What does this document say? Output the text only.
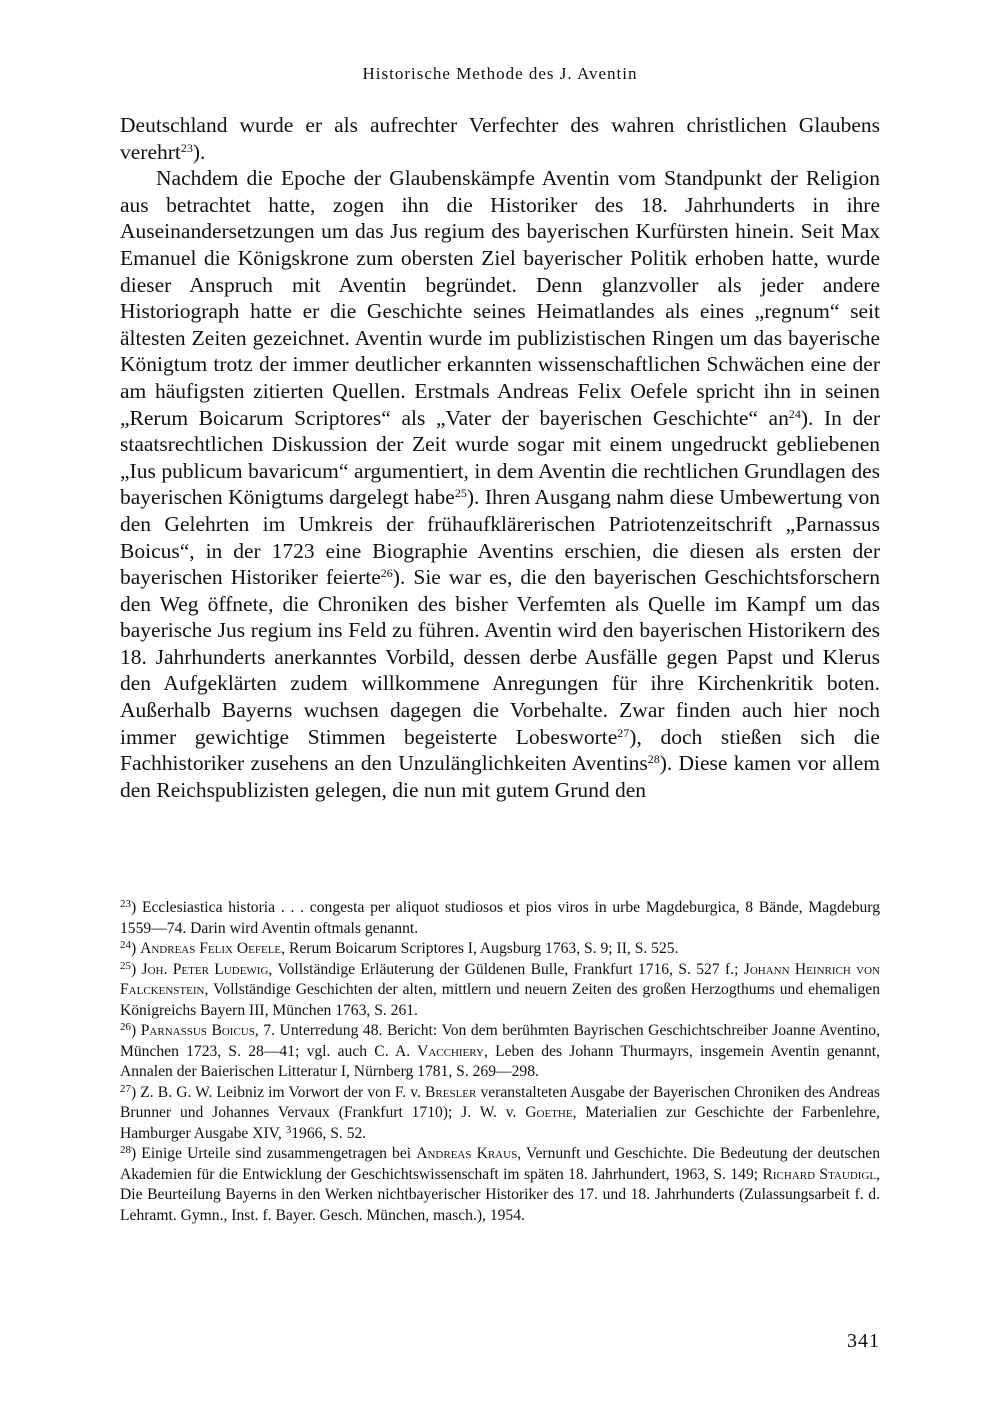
Historische Methode des J. Aventin

Deutschland wurde er als aufrechter Verfechter des wahren christlichen Glaubens verehrt$^{23}$).

Nachdem die Epoche der Glaubenskämpfe Aventin vom Standpunkt der Religion aus betrachtet hatte, zogen ihn die Historiker des 18. Jahrhunderts in ihre Auseinandersetzungen um das Jus regium des bayerischen Kurfürsten hinein. Seit Max Emanuel die Königskrone zum obersten Ziel bayerischer Politik erhoben hatte, wurde dieser Anspruch mit Aventin begründet. Denn glanzvoller als jeder andere Historiograph hatte er die Geschichte seines Heimatlandes als eines „regnum“ seit ältesten Zeiten gezeichnet. Aventin wurde im publizistischen Ringen um das bayerische Königtum trotz der immer deutlicher erkannten wissenschaftlichen Schwächen eine der am häufigsten zitierten Quellen. Erstmals Andreas Felix Oefele spricht ihn in seinen „Rerum Boicarum Scriptores“ als „Vater der bayerischen Geschichte“ an$^{24}$). In der staatsrechtlichen Diskussion der Zeit wurde sogar mit einem ungedruckt gebliebenen „Ius publicum bavaricum“ argumentiert, in dem Aventin die rechtlichen Grundlagen des bayerischen Königtums dargelegt habe$^{25}$). Ihren Ausgang nahm diese Umbewertung von den Gelehrten im Umkreis der frühaufklärerischen Patriotenzeitschrift „Parnassus Boicus“, in der 1723 eine Biographie Aventins erschien, die diesen als ersten der bayerischen Historiker feierte$^{26}$). Sie war es, die den bayerischen Geschichtsforschern den Weg öffnete, die Chroniken des bisher Verfemten als Quelle im Kampf um das bayerische Jus regium ins Feld zu führen. Aventin wird den bayerischen Historikern des 18. Jahrhunderts anerkanntes Vorbild, dessen derbe Ausfälle gegen Papst und Klerus den Aufgeklärten zudem willkommene Anregungen für ihre Kirchenkritik boten. Außerhalb Bayerns wuchsen dagegen die Vorbehalte. Zwar finden auch hier noch immer gewichtige Stimmen begeisterte Lobesworte$^{27}$), doch stießen sich die Fachhistoriker zusehens an den Unzulänglichkeiten Aventins$^{28}$). Diese kamen vor allem den Reichspublizisten gelegen, die nun mit gutem Grund den

$^{23}$) Ecclesiastica historia . . . congesta per aliquot studiosos et pios viros in urbe Magdeburgica, 8 Bände, Magdeburg 1559—74. Darin wird Aventin oftmals genannt.

$^{24}$) Andreas Felix Oefele, Rerum Boicarum Scriptores I, Augsburg 1763, S. 9; II, S. 525.

$^{25}$) Joh. Peter Ludewig, Vollständige Erläuterung der Güldenen Bulle, Frankfurt 1716, S. 527 f.; Johann Heinrich von Falckenstein, Vollständige Geschichten der alten, mittlern und neuern Zeiten des großen Herzogthums und ehemaligen Königreichs Bayern III, München 1763, S. 261.

$^{26}$) Parnassus Boicus, 7. Unterredung 48. Bericht: Von dem berühmten Bayrischen Geschichtschreiber Joanne Aventino, München 1723, S. 28—41; vgl. auch C. A. Vacchiery, Leben des Johann Thurmayrs, insgemein Aventin genannt, Annalen der Baierischen Litteratur I, Nürnberg 1781, S. 269—298.

$^{27}$) Z. B. G. W. Leibniz im Vorwort der von F. v. Bresler veranstalteten Ausgabe der Bayerischen Chroniken des Andreas Brunner und Johannes Vervaux (Frankfurt 1710); J. W. v. Goethe, Materialien zur Geschichte der Farbenlehre, Hamburger Ausgabe XIV, $^3$1966, S. 52.

$^{28}$) Einige Urteile sind zusammengetragen bei Andreas Kraus, Vernunft und Geschichte. Die Bedeutung der deutschen Akademien für die Entwicklung der Geschichtswissenschaft im späten 18. Jahrhundert, 1963, S. 149; Richard Staudigl, Die Beurteilung Bayerns in den Werken nichtbayerischer Historiker des 17. und 18. Jahrhunderts (Zulassungsarbeit f. d. Lehramt. Gymn., Inst. f. Bayer. Gesch. München, masch.), 1954.

341
